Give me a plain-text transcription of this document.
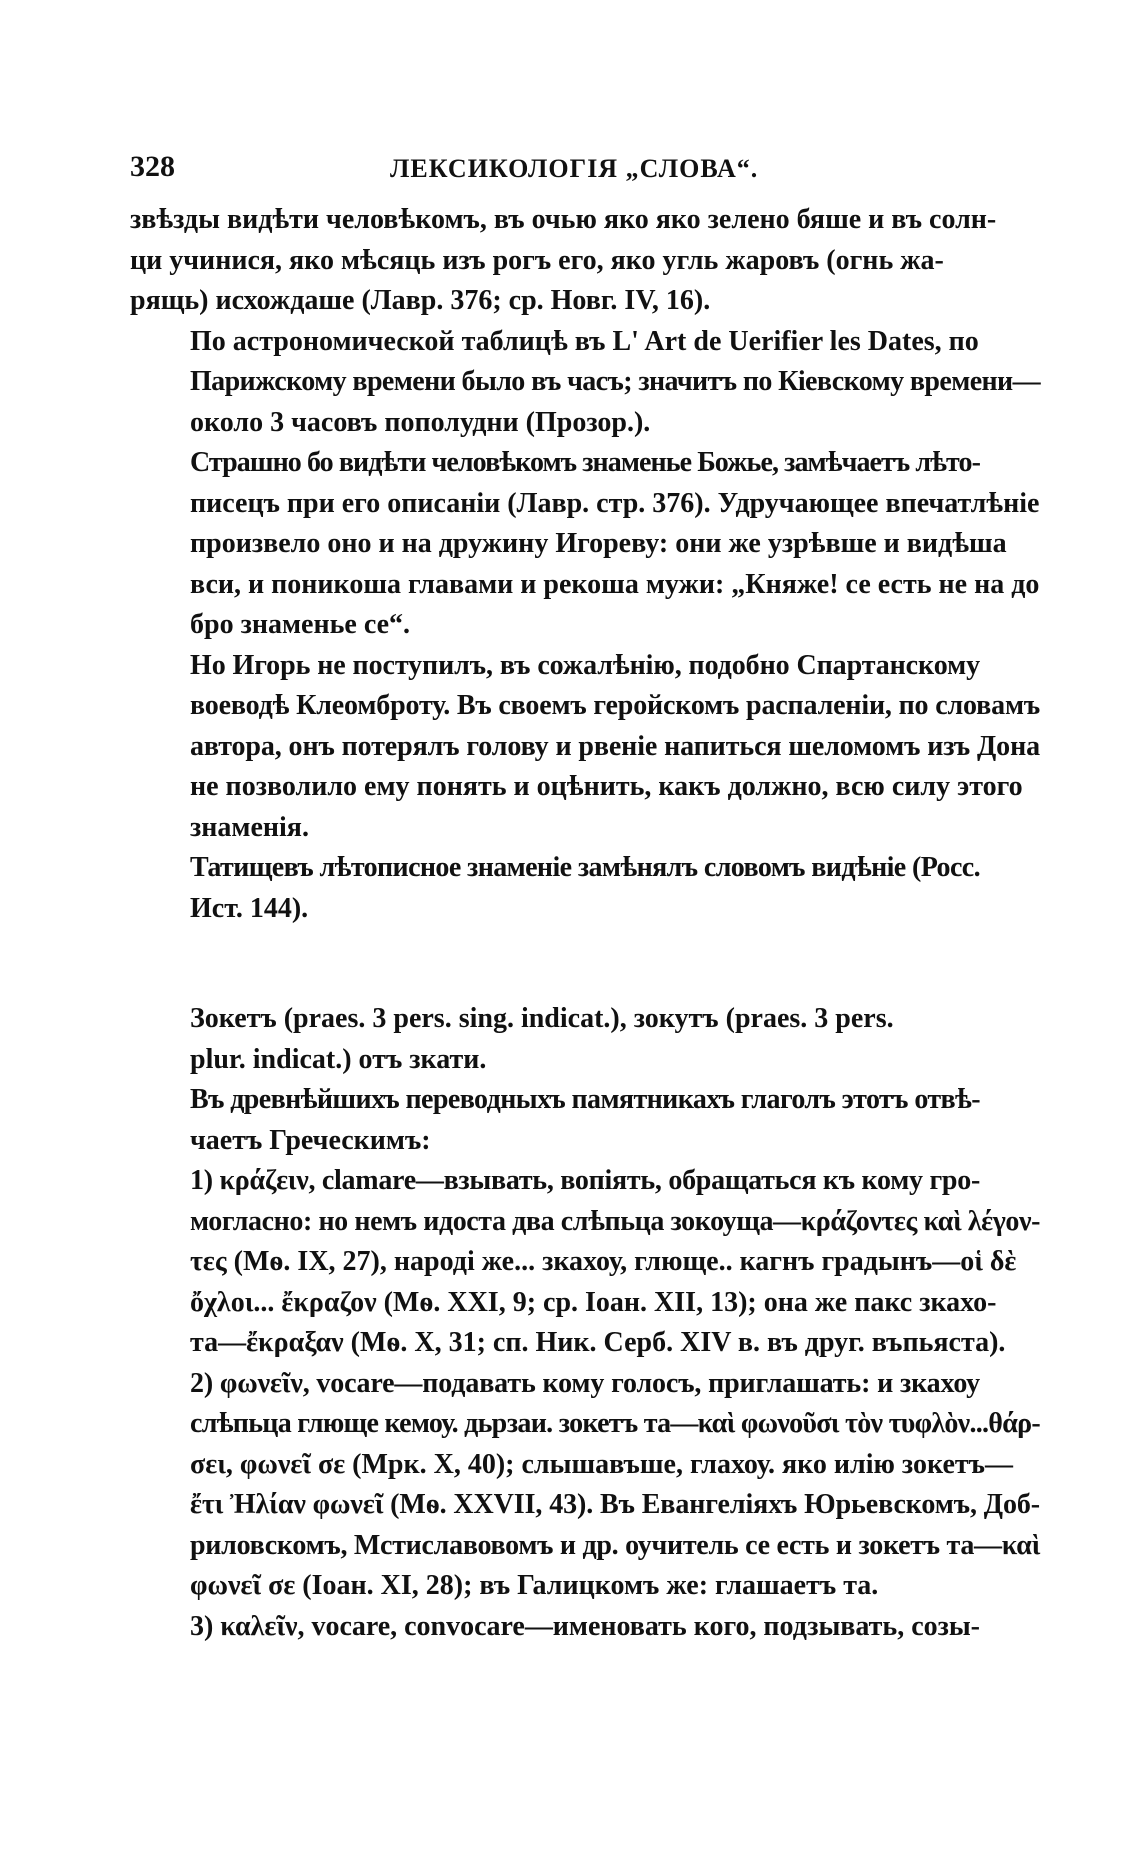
328	ЛЕКСИКОЛОГІЯ „СЛОВА“.

звѣзды видѣти человѣкомъ, въ очью яко яко зелено бяше и въ солн-
ци учинися, яко мѣсяць изъ рогъ его, яко угль жаровъ (огнь жа-
рящь) исхождаше (Лавр. 376; ср. Новг. IV, 16).

По астрономической таблицѣ въ L' Art de Uerifier les Dates, по
Парижскому времени было въ часъ; значитъ по Кіевскому времени—
около 3 часовъ пополудни (Прозор.).

Страшно бо видѣти человѣкомъ знаменье Божье, замѣчаетъ лѣто-
писецъ при его описаніи (Лавр. стр. 376). Удручающее впечатлѣніе
произвело оно и на дружину Игореву: они же узрѣвше и видѣша
вси, и поникоша главами и рекоша мужи: „Княже! се есть не на до
бро знаменье се“.

Но Игорь не поступилъ, въ сожалѣнію, подобно Спартанскому
воеводѣ Клеомброту. Въ своемъ геройскомъ распаленіи, по словамъ
автора, онъ потерялъ голову и рвеніе напиться шеломомъ изъ Дона
не позволило ему понять и оцѣнить, какъ должно, всю силу этого
знаменія.

Татищевъ лѣтописное знаменіе замѣнялъ словомъ видѣніе (Росс.
Ист. 144).

Зокетъ (praes. 3 pers. sing. indicat.), зокутъ (praes. 3 pers.
plur. indicat.) отъ зкати.

Въ древнѣйшихъ переводныхъ памятникахъ глаголъ этотъ отвѣ-
чаетъ Греческимъ:

1) κράζειν, clamare—взывать, вопіять, обращаться къ кому гро-
могласно: но немъ идоста два слѣпьца зокоуща—κράζοντες καὶ λέγον-
τες (Мѳ. IX, 27), народі же... зкахоу, глюще.. кагнъ градынъ—οἱ δὲ
ὄχλοι... ἔκραζον (Мѳ. XXI, 9; ср. Іоан. XII, 13); она же пакс зкахо-
та—ἔκραξαν (Мѳ. X, 31; сп. Ник. Серб. XIV в. въ друг. въпьяста).

2) φωνεῖν, vocare—подавать кому голосъ, приглашать: и зкахоу
слѣпьца глюще кемоу. дьрзаи. зокетъ та—καὶ φωνοῦσι τὸν τυφλὸν...θάρ-
σει, φωνεῖ σε (Мрк. X, 40); слышавъше, глахоу. яко илію зокетъ—
ἔτι Ἠλίαν φωνεῖ (Мѳ. XXVII, 43). Въ Евангеліяхъ Юрьевскомъ, Доб-
риловскомъ, Мстиславовомъ и др. оучитель се есть и зокетъ та—καὶ
φωνεῖ σε (Іоан. XI, 28); въ Галицкомъ же: глашаетъ та.

3) καλεῖν, vocare, convocare—именовать кого, подзывать, созы-
